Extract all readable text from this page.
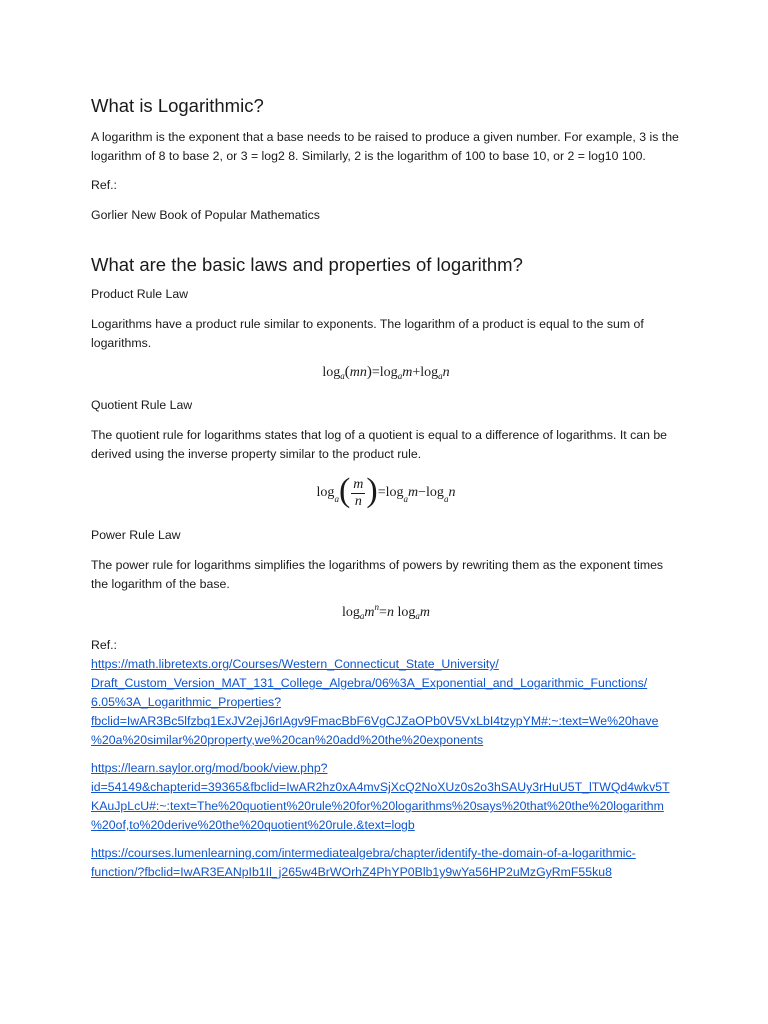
What is Logarithmic?

A logarithm is the exponent that a base needs to be raised to produce a given number. For example, 3 is the logarithm of 8 to base 2, or 3 = log2 8. Similarly, 2 is the logarithm of 100 to base 10, or 2 = log10 100.

Ref.:

Gorlier New Book of Popular Mathematics

What are the basic laws and properties of logarithm?

Product Rule Law

Logarithms have a product rule similar to exponents. The logarithm of a product is equal to the sum of logarithms.

$\log_a(mn)=\log_am+\log_an$

Quotient Rule Law

The quotient rule for logarithms states that log of a quotient is equal to a difference of logarithms. It can be derived using the inverse property similar to the product rule.

log a ( $\frac{m}{n}$ ) = log a m − log a n

Power Rule Law

The power rule for logarithms simplifies the logarithms of powers by rewriting them as the exponent times the logarithm of the base.

$\log_am^n=n$ $\log_am$

Ref.:

https://math.libretexts.org/Courses/Western_Connecticut_State_University/
Draft_Custom_Version_MAT_131_College_Algebra/06%3A_Exponential_and_Logarithmic_Functions/
6.05%3A_Logarithmic_Properties?
fbclid=IwAR3Bc5lfzbq1ExJV2ejJ6rIAgv9FmacBbF6VgCJZaOPb0V5VxLbI4tzypYM#:~:text=We%20have
%20a%20similar%20property,we%20can%20add%20the%20exponents
https://learn.saylor.org/mod/book/view.php?
id=54149&chapterid=39365&fbclid=IwAR2hz0xA4mvSjXcQ2NoXUz0s2o3hSAUy3rHuU5T_lTWQd4wkv5T
KAuJpLcU#:~:text=The%20quotient%20rule%20for%20logarithms%20says%20that%20the%20logarithm
%20of,to%20derive%20the%20quotient%20rule.&text=logb
https://courses.lumenlearning.com/intermediatealgebra/chapter/identify-the-domain-of-a-logarithmic-
function/?fbclid=IwAR3EANpIb1Il_j265w4BrWOrhZ4PhYP0Blb1y9wYa56HP2uMzGyRmF55ku8
